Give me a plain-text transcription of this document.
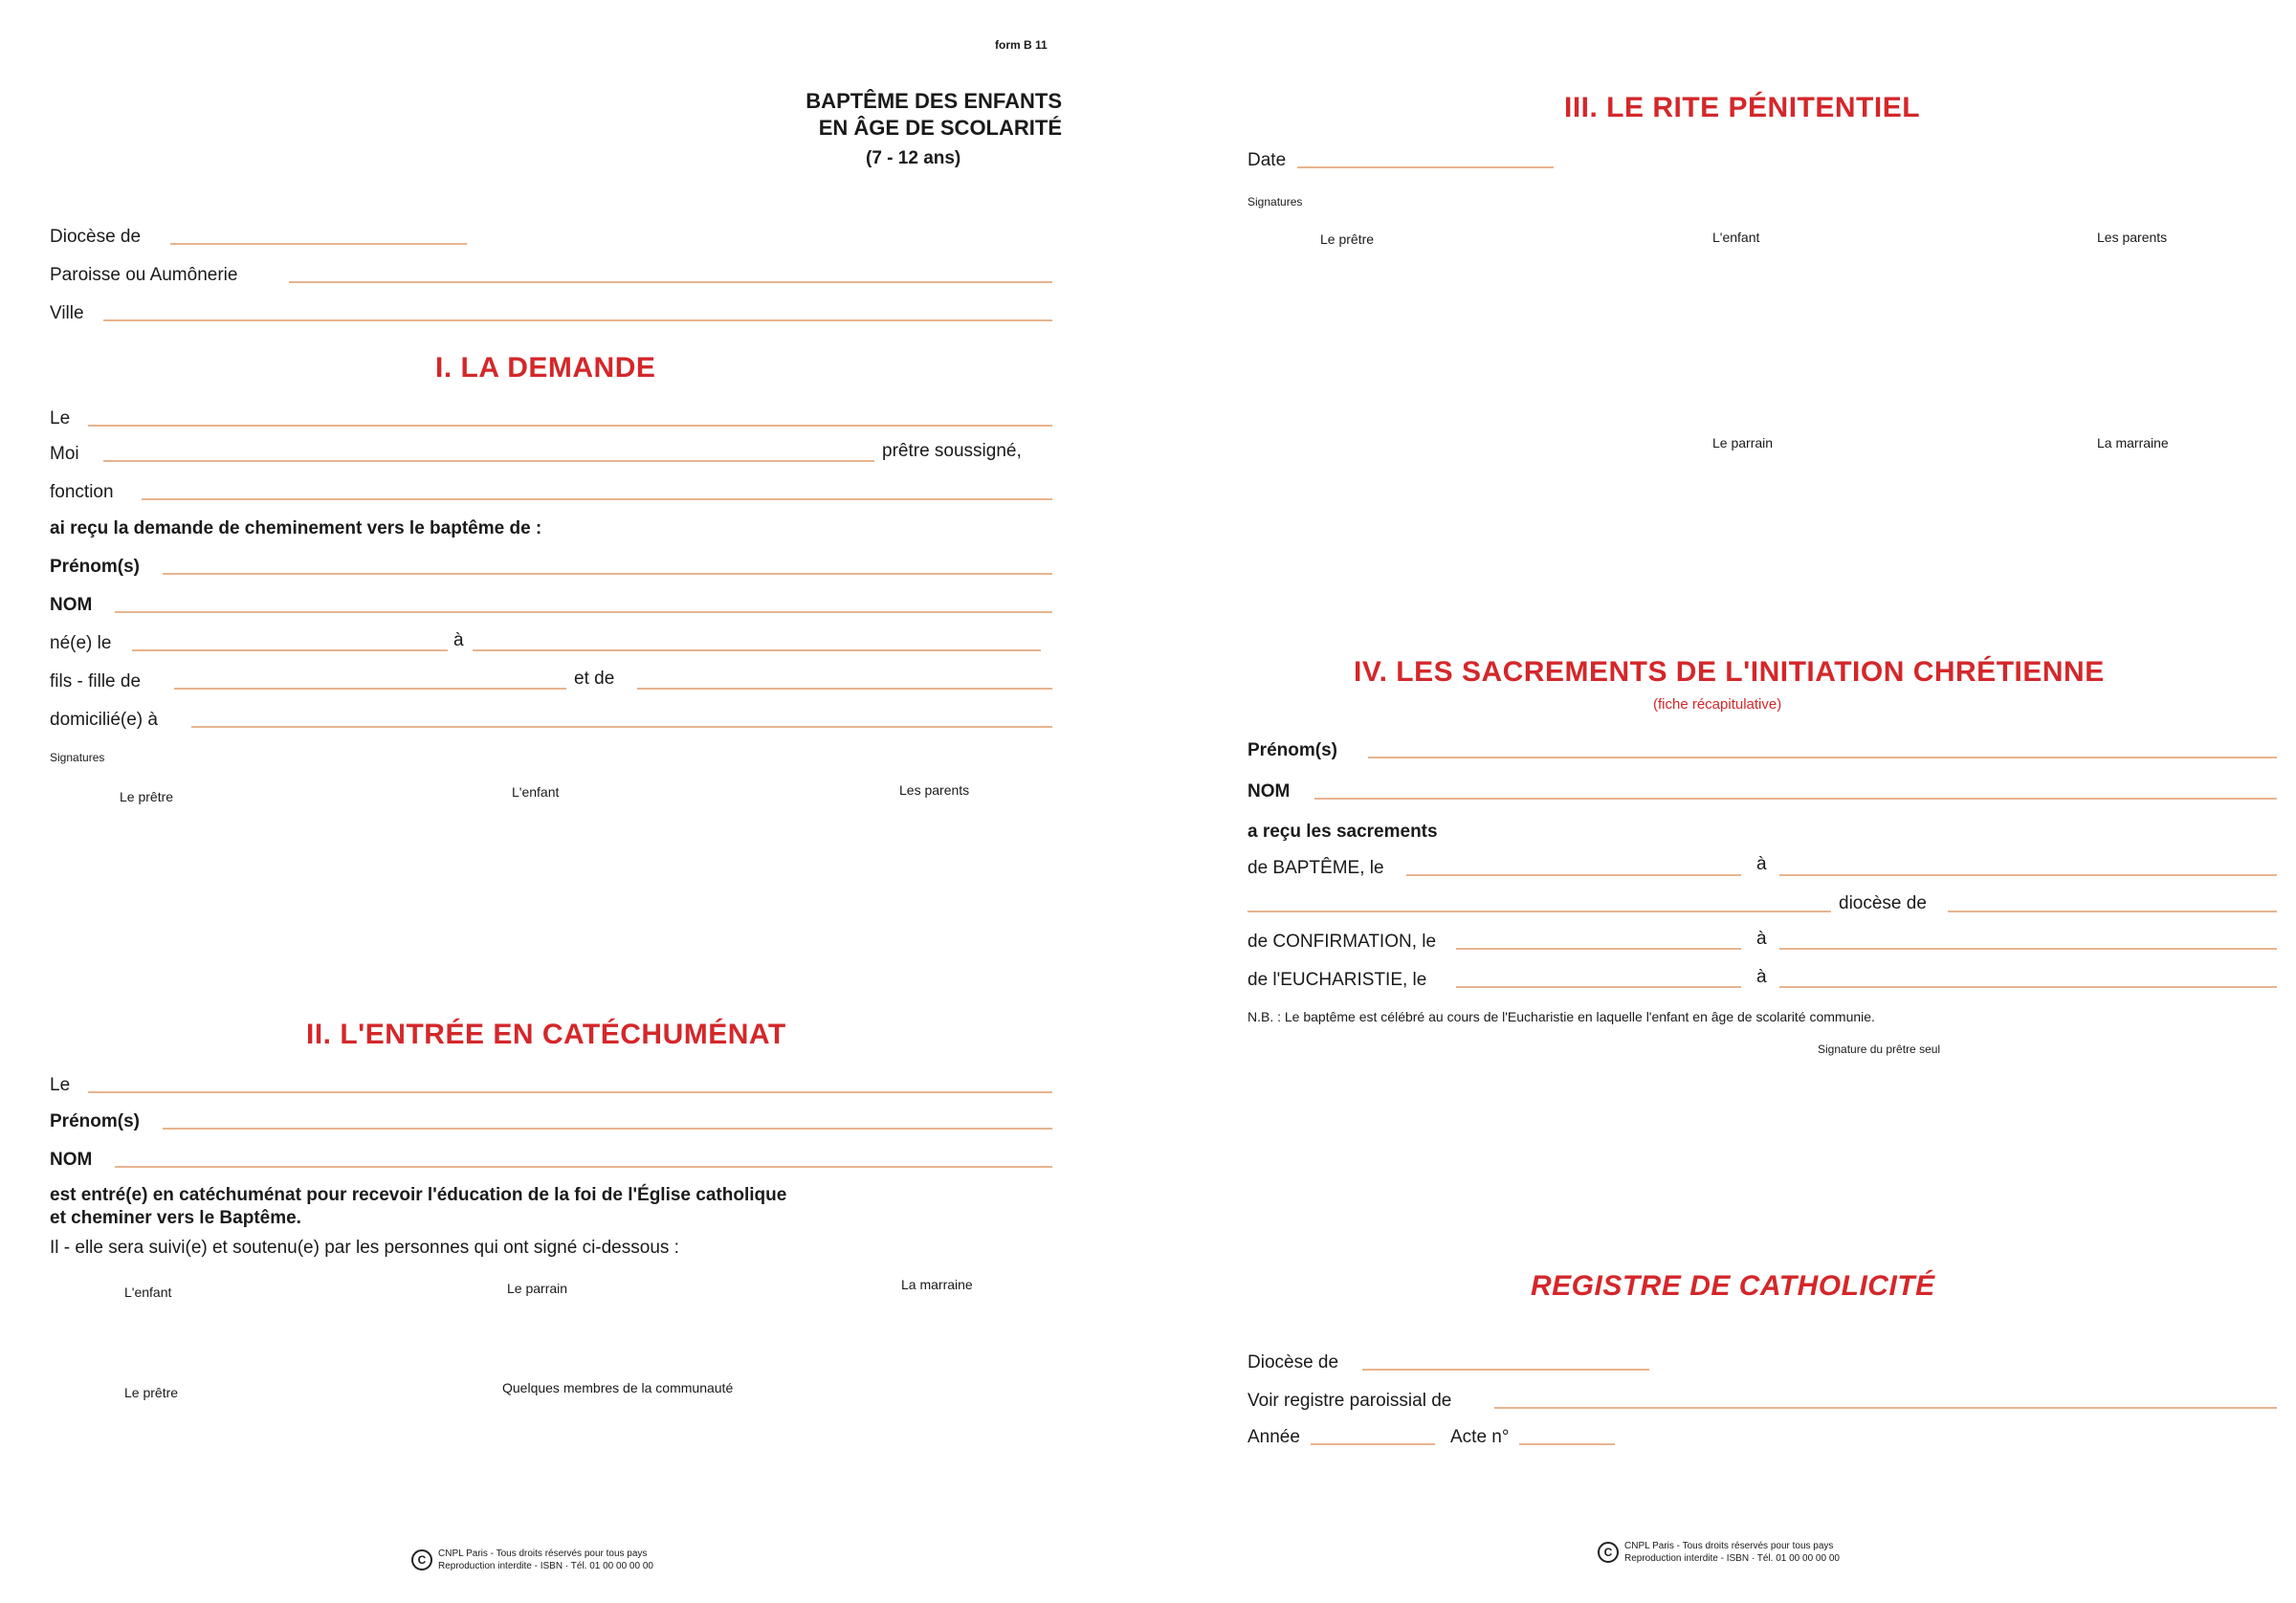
form B 11
BAPTÊME DES ENFANTS
EN ÂGE DE SCOLARITÉ
(7 - 12 ans)
Diocèse de
Paroisse ou Aumônerie
Ville
I. LA DEMANDE
Le
Moi	prêtre soussigné,
fonction
ai reçu la demande de cheminement vers le baptême de :
Prénom(s)
NOM
né(e) le	à
fils - fille de	et de
domicilié(e) à
Signatures
Le prêtre	L'enfant	Les parents
II. L'ENTRÉE EN CATÉCHUMÉNAT
Le
Prénom(s)
NOM
est entré(e) en catéchuménat pour recevoir l'éducation de la foi de l'Église catholique
et cheminer vers le Baptême.
Il - elle sera suivi(e) et soutenu(e) par les personnes qui ont signé ci-dessous :
L'enfant	Le parrain	La marraine
Le prêtre	Quelques membres de la communauté
C	CNPL Paris - Tous droits réservés pour tous pays
Reproduction interdite - ISBN · Tél. 01 00 00 00 00
III. LE RITE PÉNITENTIEL
Date
Signatures
Le prêtre	L'enfant	Les parents
Le parrain	La marraine
IV. LES SACREMENTS DE L'INITIATION CHRÉTIENNE
(fiche récapitulative)
Prénom(s)
NOM
a reçu les sacrements
de BAPTÊME, le	à
diocèse de
de CONFIRMATION, le	à
de l'EUCHARISTIE, le	à
N.B. : Le baptême est célébré au cours de l'Eucharistie en laquelle l'enfant en âge de scolarité communie.
Signature du prêtre seul
REGISTRE DE CATHOLICITÉ
Diocèse de
Voir registre paroissial de
Année	Acte n°
C	CNPL Paris - Tous droits réservés pour tous pays
Reproduction interdite - ISBN · Tél. 01 00 00 00 00
